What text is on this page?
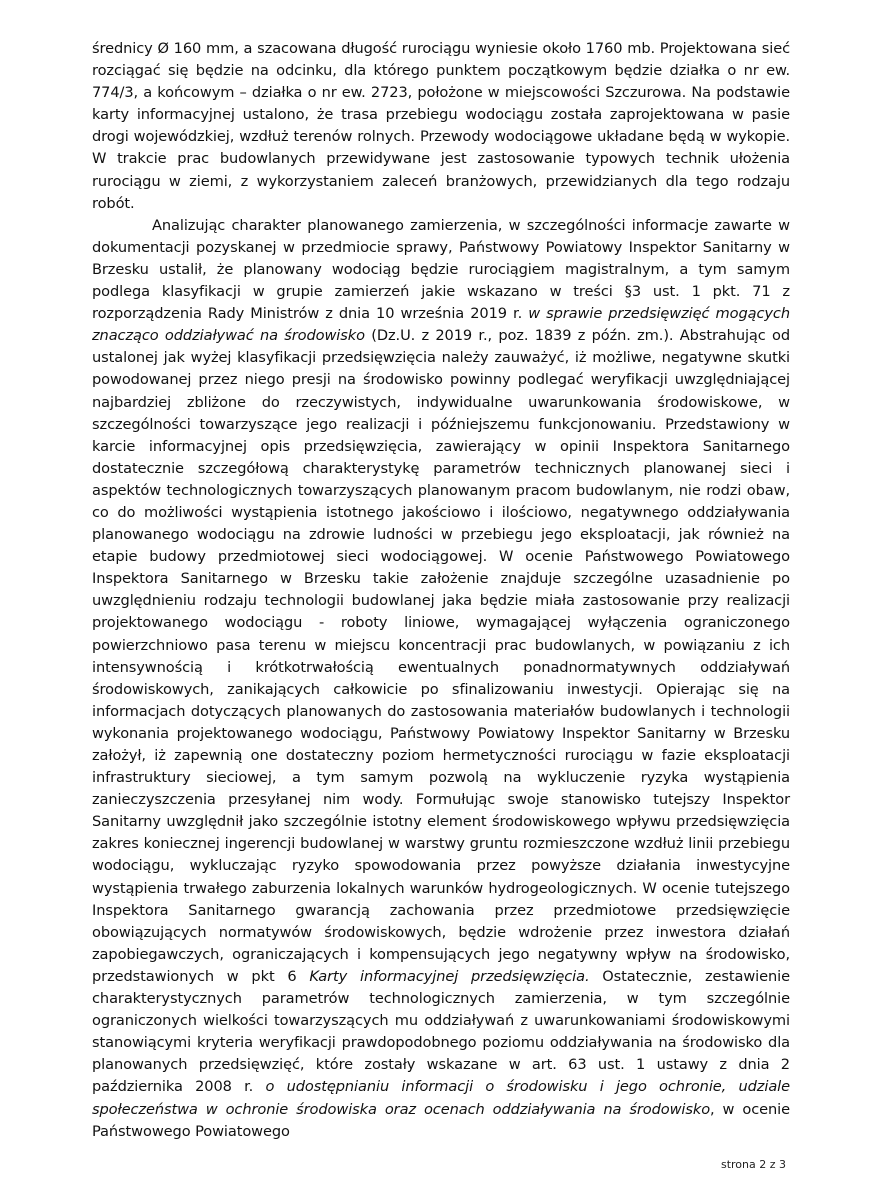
średnicy Ø 160 mm, a szacowana długość rurociągu wyniesie około 1760 mb. Projektowana sieć rozciągać się będzie na odcinku, dla którego punktem początkowym będzie działka o nr ew. 774/3, a końcowym – działka o nr ew. 2723, położone w miejscowości Szczurowa. Na podstawie karty informacyjnej ustalono, że trasa przebiegu wodociągu została zaprojektowana w pasie drogi wojewódzkiej, wzdłuż terenów rolnych. Przewody wodociągowe układane będą w wykopie. W trakcie prac budowlanych przewidywane jest zastosowanie typowych technik ułożenia rurociągu w ziemi, z wykorzystaniem zaleceń branżowych, przewidzianych dla tego rodzaju robót.

Analizując charakter planowanego zamierzenia, w szczególności informacje zawarte w dokumentacji pozyskanej w przedmiocie sprawy, Państwowy Powiatowy Inspektor Sanitarny w Brzesku ustalił, że planowany wodociąg będzie rurociągiem magistralnym, a tym samym podlega klasyfikacji w grupie zamierzeń jakie wskazano w treści §3 ust. 1 pkt. 71 z rozporządzenia Rady Ministrów z dnia 10 września 2019 r. w sprawie przedsięwzięć mogących znacząco oddziaływać na środowisko (Dz.U. z 2019 r., poz. 1839 z późn. zm.). Abstrahując od ustalonej jak wyżej klasyfikacji przedsięwzięcia należy zauważyć, iż możliwe, negatywne skutki powodowanej przez niego presji na środowisko powinny podlegać weryfikacji uwzględniającej najbardziej zbliżone do rzeczywistych, indywidualne uwarunkowania środowiskowe, w szczególności towarzyszące jego realizacji i późniejszemu funkcjonowaniu. Przedstawiony w karcie informacyjnej opis przedsięwzięcia, zawierający w opinii Inspektora Sanitarnego dostatecznie szczegółową charakterystykę parametrów technicznych planowanej sieci i aspektów technologicznych towarzyszących planowanym pracom budowlanym, nie rodzi obaw, co do możliwości wystąpienia istotnego jakościowo i ilościowo, negatywnego oddziaływania planowanego wodociągu na zdrowie ludności w przebiegu jego eksploatacji, jak również na etapie budowy przedmiotowej sieci wodociągowej. W ocenie Państwowego Powiatowego Inspektora Sanitarnego w Brzesku takie założenie znajduje szczególne uzasadnienie po uwzględnieniu rodzaju technologii budowlanej jaka będzie miała zastosowanie przy realizacji projektowanego wodociągu - roboty liniowe, wymagającej wyłączenia ograniczonego powierzchniowo pasa terenu w miejscu koncentracji prac budowlanych, w powiązaniu z ich intensywnością i krótkotrwałością ewentualnych ponadnormatywnych oddziaływań środowiskowych, zanikających całkowicie po sfinalizowaniu inwestycji. Opierając się na informacjach dotyczących planowanych do zastosowania materiałów budowlanych i technologii wykonania projektowanego wodociągu, Państwowy Powiatowy Inspektor Sanitarny w Brzesku założył, iż zapewnią one dostateczny poziom hermetyczności rurociągu w fazie eksploatacji infrastruktury sieciowej, a tym samym pozwolą na wykluczenie ryzyka wystąpienia zanieczyszczenia przesyłanej nim wody. Formułując swoje stanowisko tutejszy Inspektor Sanitarny uwzględnił jako szczególnie istotny element środowiskowego wpływu przedsięwzięcia zakres koniecznej ingerencji budowlanej w warstwy gruntu rozmieszczone wzdłuż linii przebiegu wodociągu, wykluczając ryzyko spowodowania przez powyższe działania inwestycyjne wystąpienia trwałego zaburzenia lokalnych warunków hydrogeologicznych. W ocenie tutejszego Inspektora Sanitarnego gwarancją zachowania przez przedmiotowe przedsięwzięcie obowiązujących normatywów środowiskowych, będzie wdrożenie przez inwestora działań zapobiegawczych, ograniczających i kompensujących jego negatywny wpływ na środowisko, przedstawionych w pkt 6 Karty informacyjnej przedsięwzięcia. Ostatecznie, zestawienie charakterystycznych parametrów technologicznych zamierzenia, w tym szczególnie ograniczonych wielkości towarzyszących mu oddziaływań z uwarunkowaniami środowiskowymi stanowiącymi kryteria weryfikacji prawdopodobnego poziomu oddziaływania na środowisko dla planowanych przedsięwzięć, które zostały wskazane w art. 63 ust. 1 ustawy z dnia 2 października 2008 r. o udostępnianiu informacji o środowisku i jego ochronie, udziale społeczeństwa w ochronie środowiska oraz ocenach oddziaływania na środowisko, w ocenie Państwowego Powiatowego

strona 2 z 3
